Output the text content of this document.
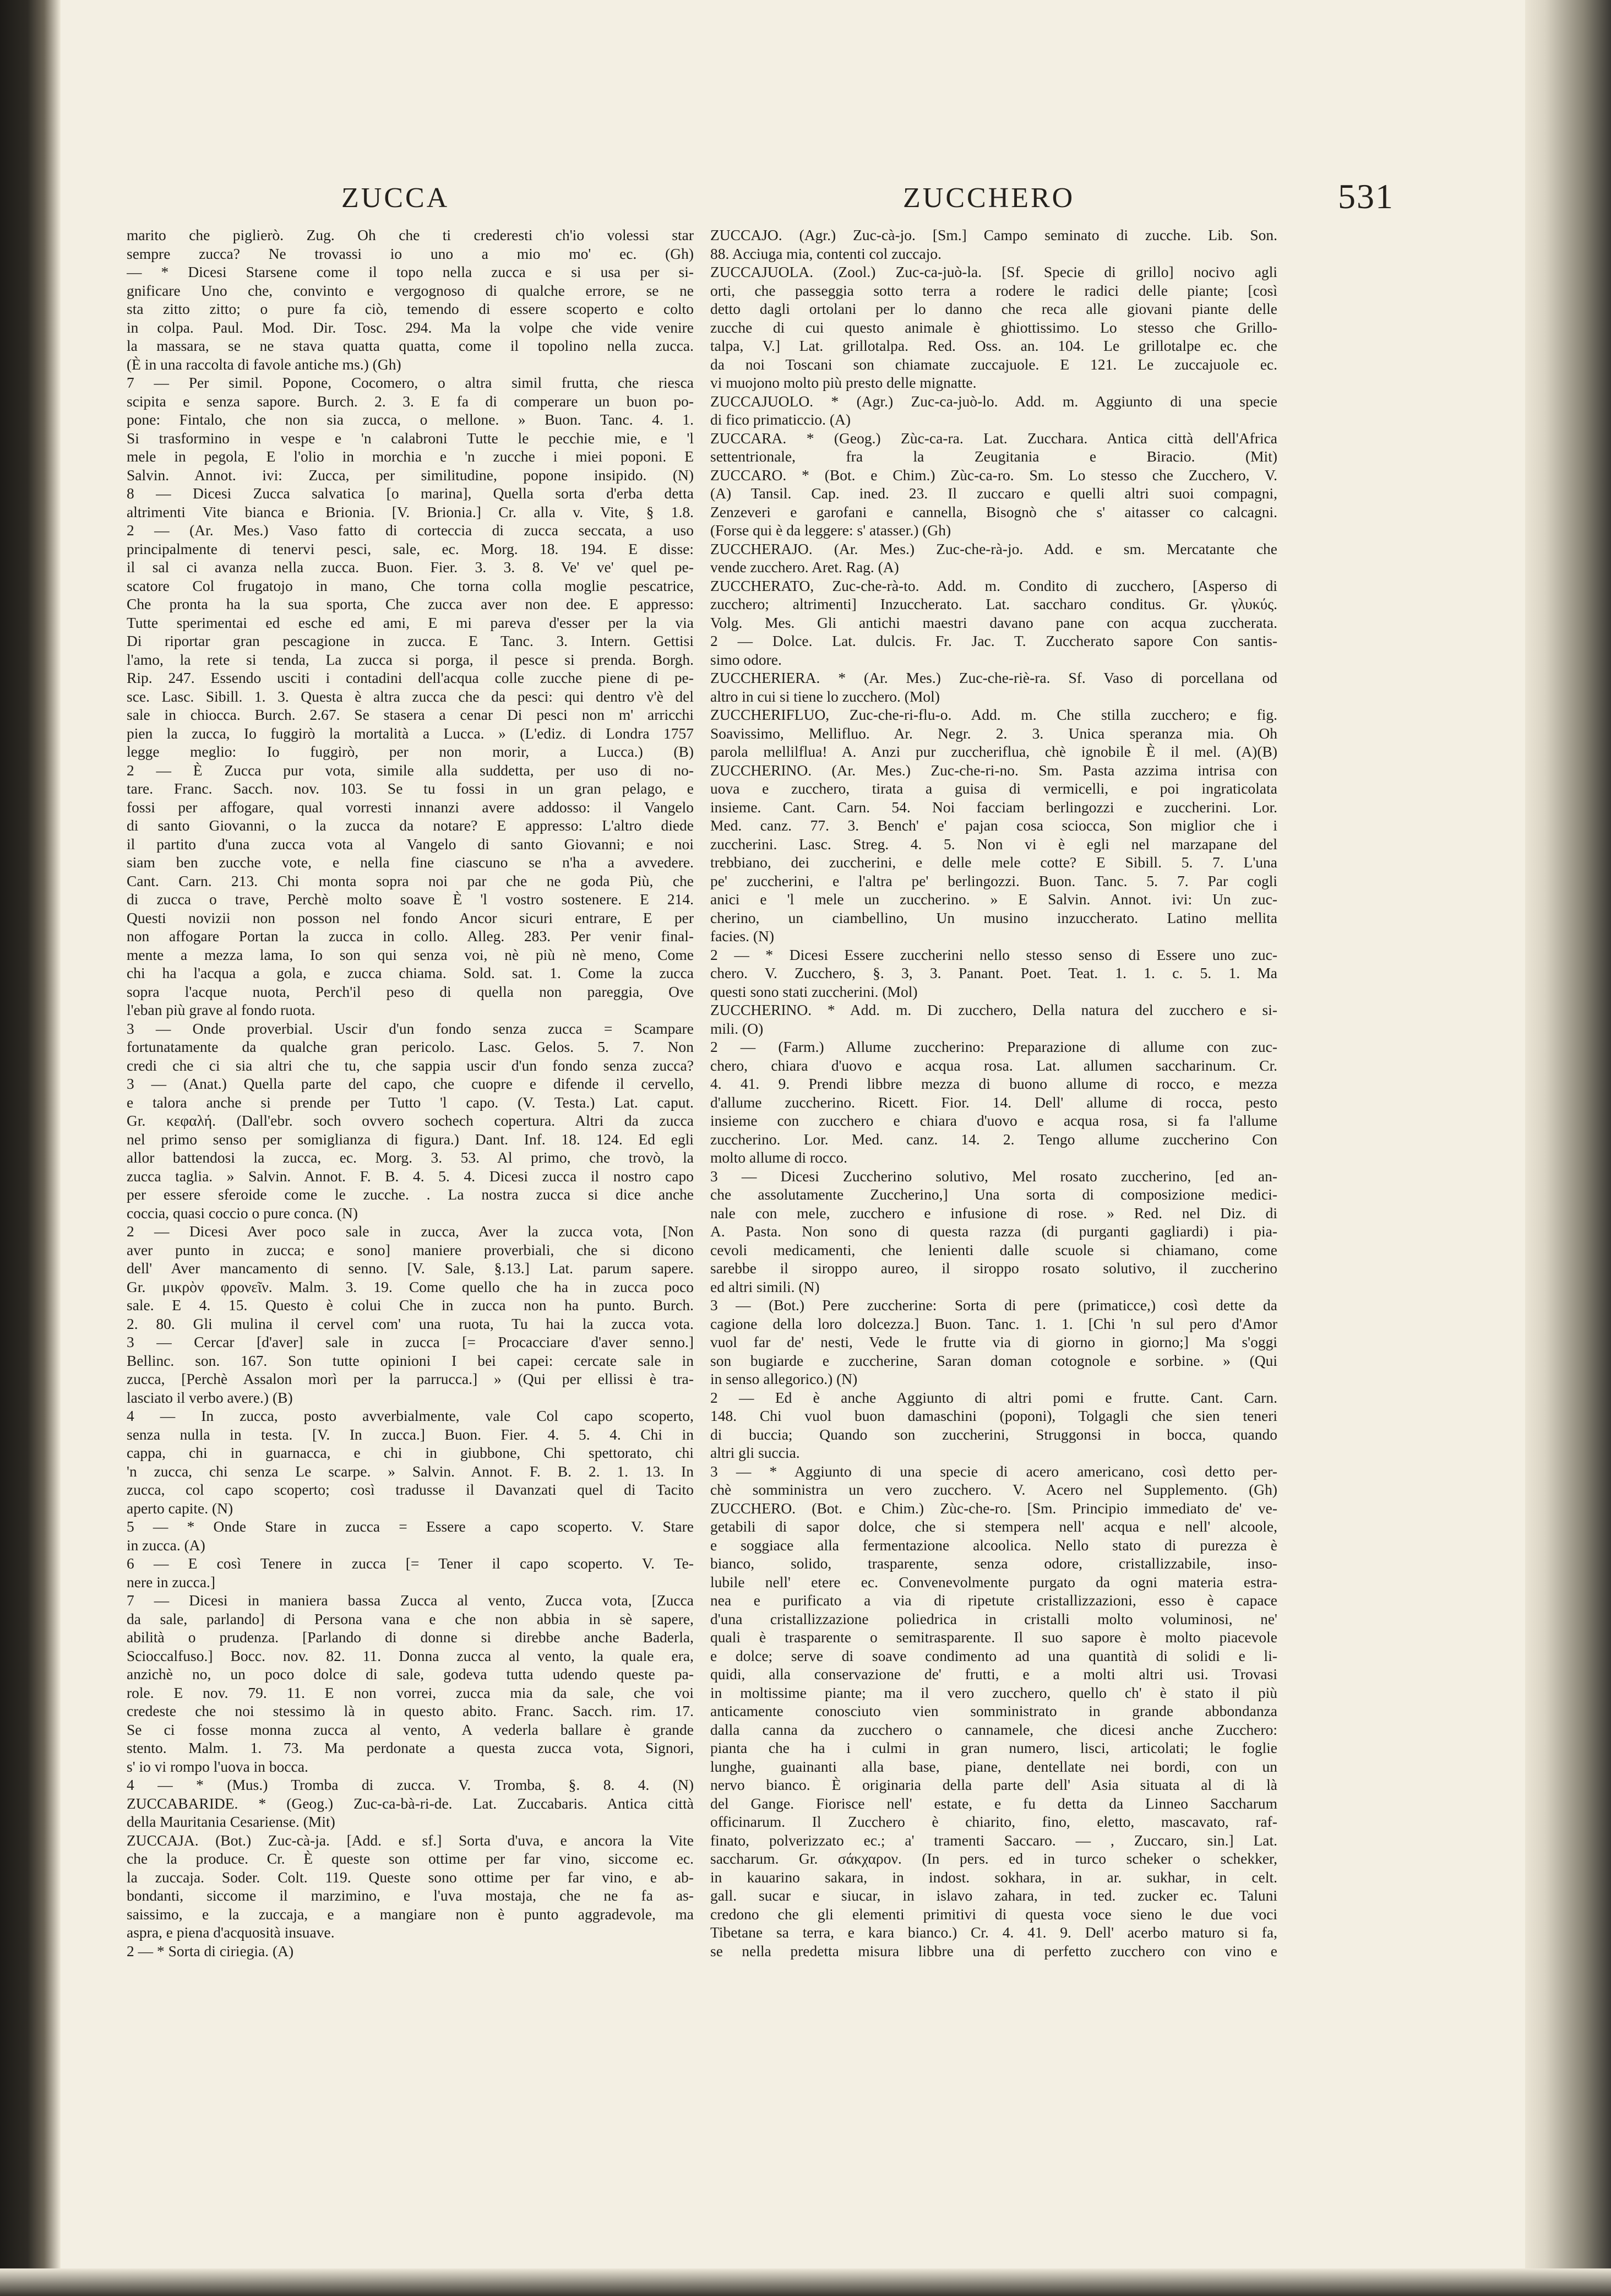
ZUCCA	ZUCCHERO	531
marito che piglierò. Zug. Oh che ti crederesti ch'io volessi star
sempre zucca? Ne trovassi io uno a mio mo' ec. (Gh)
— * Dicesi Starsene come il topo nella zucca e si usa per si-
gnificare Uno che, convinto e vergognoso di qualche errore, se ne
sta zitto zitto; o pure fa ciò, temendo di essere scoperto e colto
in colpa. Paul. Mod. Dir. Tosc. 294. Ma la volpe che vide venire
la massara, se ne stava quatta quatta, come il topolino nella zucca.
(È in una raccolta di favole antiche ms.) (Gh)
7 — Per simil. Popone, Cocomero, o altra simil frutta, che riesca
scipita e senza sapore. Burch. 2. 3. E fa di comperare un buon po-
pone: Fintalo, che non sia zucca, o mellone. » Buon. Tanc. 4. 1.
Si trasformino in vespe e 'n calabroni Tutte le pecchie mie, e 'l
mele in pegola, E l'olio in morchia e 'n zucche i miei poponi. E
Salvin. Annot. ivi: Zucca, per similitudine, popone insipido. (N)
8 — Dicesi Zucca salvatica [o marina], Quella sorta d'erba detta
altrimenti Vite bianca e Brionia. [V. Brionia.] Cr. alla v. Vite, § 1.8.
2 — (Ar. Mes.) Vaso fatto di corteccia di zucca seccata, a uso
principalmente di tenervi pesci, sale, ec. Morg. 18. 194. E disse:
il sal ci avanza nella zucca. Buon. Fier. 3. 3. 8. Ve' ve' quel pe-
scatore Col frugatojo in mano, Che torna colla moglie pescatrice,
Che pronta ha la sua sporta, Che zucca aver non dee. E appresso:
Tutte sperimentai ed esche ed ami, E mi pareva d'esser per la via
Di riportar gran pescagione in zucca. E Tanc. 3. Intern. Gettisi
l'amo, la rete si tenda, La zucca si porga, il pesce si prenda. Borgh.
Rip. 247. Essendo usciti i contadini dell'acqua colle zucche piene di pe-
sce. Lasc. Sibill. 1. 3. Questa è altra zucca che da pesci: qui dentro v'è del
sale in chiocca. Burch. 2.67. Se stasera a cenar Di pesci non m' arricchi
pien la zucca, Io fuggirò la mortalità a Lucca. » (L'ediz. di Londra 1757
legge meglio: Io fuggirò, per non morir, a Lucca.) (B)
2 — È Zucca pur vota, simile alla suddetta, per uso di no-
tare. Franc. Sacch. nov. 103. Se tu fossi in un gran pelago, e
fossi per affogare, qual vorresti innanzi avere addosso: il Vangelo
di santo Giovanni, o la zucca da notare? E appresso: L'altro diede
il partito d'una zucca vota al Vangelo di santo Giovanni; e noi
siam ben zucche vote, e nella fine ciascuno se n'ha a avvedere.
Cant. Carn. 213. Chi monta sopra noi par che ne goda Più, che
di zucca o trave, Perchè molto soave È 'l vostro sostenere. E 214.
Questi novizii non posson nel fondo Ancor sicuri entrare, E per
non affogare Portan la zucca in collo. Alleg. 283. Per venir final-
mente a mezza lama, Io son qui senza voi, nè più nè meno, Come
chi ha l'acqua a gola, e zucca chiama. Sold. sat. 1. Come la zucca
sopra l'acque nuota, Perch'il peso di quella non pareggia, Ove
l'eban più grave al fondo ruota.
3 — Onde proverbial. Uscir d'un fondo senza zucca = Scampare
fortunatamente da qualche gran pericolo. Lasc. Gelos. 5. 7. Non
credi che ci sia altri che tu, che sappia uscir d'un fondo senza zucca?
3 — (Anat.) Quella parte del capo, che cuopre e difende il cervello,
e talora anche si prende per Tutto 'l capo. (V. Testa.) Lat. caput.
Gr. κεφαλή. (Dall'ebr. soch ovvero sochech copertura. Altri da zucca
nel primo senso per somiglianza di figura.) Dant. Inf. 18. 124. Ed egli
allor battendosi la zucca, ec. Morg. 3. 53. Al primo, che trovò, la
zucca taglia. » Salvin. Annot. F. B. 4. 5. 4. Dicesi zucca il nostro capo
per essere sferoide come le zucche. . La nostra zucca si dice anche
coccia, quasi coccio o pure conca. (N)
2 — Dicesi Aver poco sale in zucca, Aver la zucca vota, [Non
aver punto in zucca; e sono] maniere proverbiali, che si dicono
dell' Aver mancamento di senno. [V. Sale, §.13.] Lat. parum sapere.
Gr. μικρὸν φρονεῖν. Malm. 3. 19. Come quello che ha in zucca poco
sale. E 4. 15. Questo è colui Che in zucca non ha punto. Burch.
2. 80. Gli mulina il cervel com' una ruota, Tu hai la zucca vota.
3 — Cercar [d'aver] sale in zucca [= Procacciare d'aver senno.]
Bellinc. son. 167. Son tutte opinioni I bei capei: cercate sale in
zucca, [Perchè Assalon morì per la parrucca.] » (Qui per ellissi è tra-
lasciato il verbo avere.) (B)
4 — In zucca, posto avverbialmente, vale Col capo scoperto,
senza nulla in testa. [V. In zucca.] Buon. Fier. 4. 5. 4. Chi in
cappa, chi in guarnacca, e chi in giubbone, Chi spettorato, chi
'n zucca, chi senza Le scarpe. » Salvin. Annot. F. B. 2. 1. 13. In
zucca, col capo scoperto; così tradusse il Davanzati quel di Tacito
aperto capite. (N)
5 — * Onde Stare in zucca = Essere a capo scoperto. V. Stare
in zucca. (A)
6 — E così Tenere in zucca [= Tener il capo scoperto. V. Te-
nere in zucca.]
7 — Dicesi in maniera bassa Zucca al vento, Zucca vota, [Zucca
da sale, parlando] di Persona vana e che non abbia in sè sapere,
abilità o prudenza. [Parlando di donne si direbbe anche Baderla,
Scioccalfuso.] Bocc. nov. 82. 11. Donna zucca al vento, la quale era,
anzichè no, un poco dolce di sale, godeva tutta udendo queste pa-
role. E nov. 79. 11. E non vorrei, zucca mia da sale, che voi
credeste che noi stessimo là in questo abito. Franc. Sacch. rim. 17.
Se ci fosse monna zucca al vento, A vederla ballare è grande
stento. Malm. 1. 73. Ma perdonate a questa zucca vota, Signori,
s' io vi rompo l'uova in bocca.
4 — * (Mus.) Tromba di zucca. V. Tromba, §. 8. 4. (N)
ZUCCABARIDE. * (Geog.) Zuc-ca-bà-ri-de. Lat. Zuccabaris. Antica città
della Mauritania Cesariense. (Mit)
ZUCCAJA. (Bot.) Zuc-cà-ja. [Add. e sf.] Sorta d'uva, e ancora la Vite
che la produce. Cr. È queste son ottime per far vino, siccome ec.
la zuccaja. Soder. Colt. 119. Queste sono ottime per far vino, e ab-
bondanti, siccome il marzimino, e l'uva mostaja, che ne fa as-
saissimo, e la zuccaja, e a mangiare non è punto aggradevole, ma
aspra, e piena d'acquosità insuave.
2 — * Sorta di ciriegia. (A)
ZUCCAJO. (Agr.) Zuc-cà-jo. [Sm.] Campo seminato di zucche. Lib. Son.
88. Acciuga mia, contenti col zuccajo.
ZUCCAJUOLA. (Zool.) Zuc-ca-juò-la. [Sf. Specie di grillo] nocivo agli
orti, che passeggia sotto terra a rodere le radici delle piante; [così
detto dagli ortolani per lo danno che reca alle giovani piante delle
zucche di cui questo animale è ghiottissimo. Lo stesso che Grillo-
talpa, V.] Lat. grillotalpa. Red. Oss. an. 104. Le grillotalpe ec. che
da noi Toscani son chiamate zuccajuole. E 121. Le zuccajuole ec.
vi muojono molto più presto delle mignatte.
ZUCCAJUOLO. * (Agr.) Zuc-ca-juò-lo. Add. m. Aggiunto di una specie
di fico primaticcio. (A)
ZUCCARA. * (Geog.) Zùc-ca-ra. Lat. Zucchara. Antica città dell'Africa
settentrionale, fra la Zeugitania e Biracio. (Mit)
ZUCCARO. * (Bot. e Chim.) Zùc-ca-ro. Sm. Lo stesso che Zucchero, V.
(A) Tansil. Cap. ined. 23. Il zuccaro e quelli altri suoi compagni,
Zenzeveri e garofani e cannella, Bisognò che s' aitasser co calcagni.
(Forse qui è da leggere: s' atasser.) (Gh)
ZUCCHERAJO. (Ar. Mes.) Zuc-che-rà-jo. Add. e sm. Mercatante che
vende zucchero. Aret. Rag. (A)
ZUCCHERATO, Zuc-che-rà-to. Add. m. Condito di zucchero, [Asperso di
zucchero; altrimenti] Inzuccherato. Lat. saccharo conditus. Gr. γλυκύς.
Volg. Mes. Gli antichi maestri davano pane con acqua zuccherata.
2 — Dolce. Lat. dulcis. Fr. Jac. T. Zuccherato sapore Con santis-
simo odore.
ZUCCHERIERA. * (Ar. Mes.) Zuc-che-riè-ra. Sf. Vaso di porcellana od
altro in cui si tiene lo zucchero. (Mol)
ZUCCHERIFLUO, Zuc-che-ri-flu-o. Add. m. Che stilla zucchero; e fig.
Soavissimo, Mellifluo. Ar. Negr. 2. 3. Unica speranza mia. Oh
parola mellilflua! A. Anzi pur zuccheriflua, chè ignobile È il mel. (A)(B)
ZUCCHERINO. (Ar. Mes.) Zuc-che-ri-no. Sm. Pasta azzima intrisa con
uova e zucchero, tirata a guisa di vermicelli, e poi ingraticolata
insieme. Cant. Carn. 54. Noi facciam berlingozzi e zuccherini. Lor.
Med. canz. 77. 3. Bench' e' pajan cosa sciocca, Son miglior che i
zuccherini. Lasc. Streg. 4. 5. Non vi è egli nel marzapane del
trebbiano, dei zuccherini, e delle mele cotte? E Sibill. 5. 7. L'una
pe' zuccherini, e l'altra pe' berlingozzi. Buon. Tanc. 5. 7. Par cogli
anici e 'l mele un zuccherino. » E Salvin. Annot. ivi: Un zuc-
cherino, un ciambellino, Un musino inzuccherato. Latino mellita
facies. (N)
2 — * Dicesi Essere zuccherini nello stesso senso di Essere uno zuc-
chero. V. Zucchero, §. 3, 3. Panant. Poet. Teat. 1. 1. c. 5. 1. Ma
questi sono stati zuccherini. (Mol)
ZUCCHERINO. * Add. m. Di zucchero, Della natura del zucchero e si-
mili. (O)
2 — (Farm.) Allume zuccherino: Preparazione di allume con zuc-
chero, chiara d'uovo e acqua rosa. Lat. allumen saccharinum. Cr.
4. 41. 9. Prendi libbre mezza di buono allume di rocco, e mezza
d'allume zuccherino. Ricett. Fior. 14. Dell' allume di rocca, pesto
insieme con zucchero e chiara d'uovo e acqua rosa, si fa l'allume
zuccherino. Lor. Med. canz. 14. 2. Tengo allume zuccherino Con
molto allume di rocco.
3 — Dicesi Zuccherino solutivo, Mel rosato zuccherino, [ed an-
che assolutamente Zuccherino,] Una sorta di composizione medici-
nale con mele, zucchero e infusione di rose. » Red. nel Diz. di
A. Pasta. Non sono di questa razza (di purganti gagliardi) i pia-
cevoli medicamenti, che lenienti dalle scuole si chiamano, come
sarebbe il siroppo aureo, il siroppo rosato solutivo, il zuccherino
ed altri simili. (N)
3 — (Bot.) Pere zuccherine: Sorta di pere (primaticce,) così dette da
cagione della loro dolcezza.] Buon. Tanc. 1. 1. [Chi 'n sul pero d'Amor
vuol far de' nesti, Vede le frutte via di giorno in giorno;] Ma s'oggi
son bugiarde e zuccherine, Saran doman cotognole e sorbine. » (Qui
in senso allegorico.) (N)
2 — Ed è anche Aggiunto di altri pomi e frutte. Cant. Carn.
148. Chi vuol buon damaschini (poponi), Tolgagli che sien teneri
di buccia; Quando son zuccherini, Struggonsi in bocca, quando
altri gli succia.
3 — * Aggiunto di una specie di acero americano, così detto per-
chè somministra un vero zucchero. V. Acero nel Supplemento. (Gh)
ZUCCHERO. (Bot. e Chim.) Zùc-che-ro. [Sm. Principio immediato de' ve-
getabili di sapor dolce, che si stempera nell' acqua e nell' alcoole,
e soggiace alla fermentazione alcoolica. Nello stato di purezza è
bianco, solido, trasparente, senza odore, cristallizzabile, inso-
lubile nell' etere ec. Convenevolmente purgato da ogni materia estra-
nea e purificato a via di ripetute cristallizzazioni, esso è capace
d'una cristallizzazione poliedrica in cristalli molto voluminosi, ne'
quali è trasparente o semitrasparente. Il suo sapore è molto piacevole
e dolce; serve di soave condimento ad una quantità di solidi e li-
quidi, alla conservazione de' frutti, e a molti altri usi. Trovasi
in moltissime piante; ma il vero zucchero, quello ch' è stato il più
anticamente conosciuto vien somministrato in grande abbondanza
dalla canna da zucchero o cannamele, che dicesi anche Zucchero:
pianta che ha i culmi in gran numero, lisci, articolati; le foglie
lunghe, guainanti alla base, piane, dentellate nei bordi, con un
nervo bianco. È originaria della parte dell' Asia situata al di là
del Gange. Fiorisce nell' estate, e fu detta da Linneo Saccharum
officinarum. Il Zucchero è chiarito, fino, eletto, mascavato, raf-
finato, polverizzato ec.; a' tramenti Saccaro. — , Zuccaro, sin.] Lat.
saccharum. Gr. σάκχαρον. (In pers. ed in turco scheker o schekker,
in kauarino sakara, in indost. sokhara, in ar. sukhar, in celt.
gall. sucar e siucar, in islavo zahara, in ted. zucker ec. Taluni
credono che gli elementi primitivi di questa voce sieno le due voci
Tibetane sa terra, e kara bianco.) Cr. 4. 41. 9. Dell' acerbo maturo si fa,
se nella predetta misura libbre una di perfetto zucchero con vino e
